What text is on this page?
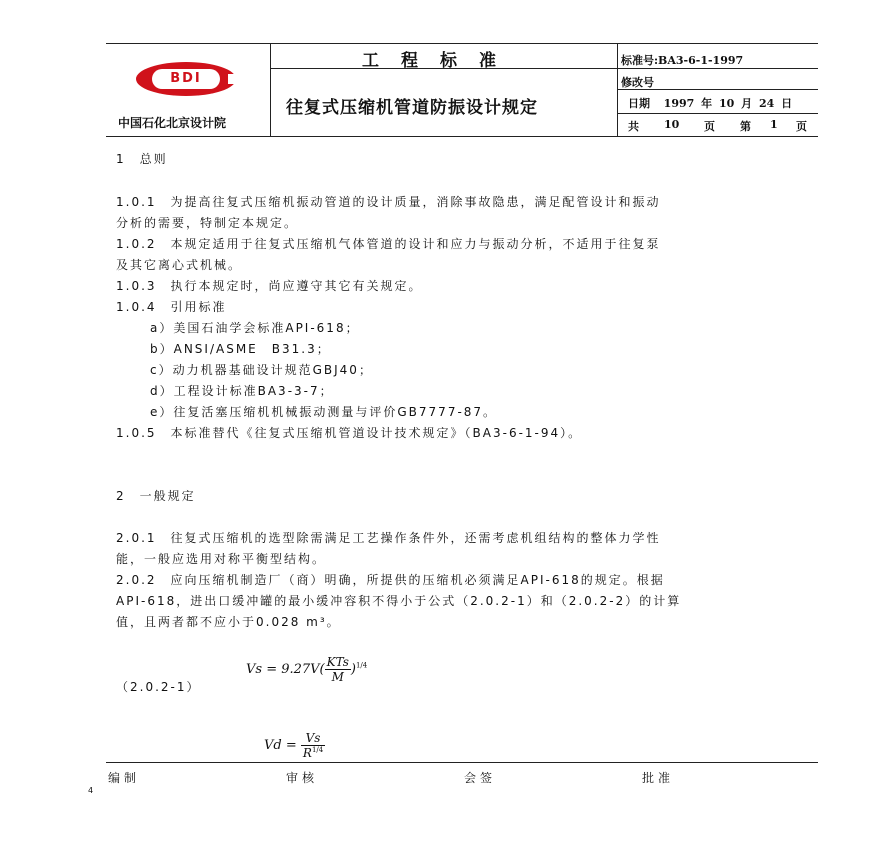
BDI
中国石化北京设计院
工程标准
往复式压缩机管道防振设计规定
标准号:BA3-6-1-1997
修改号
日期 1997 年 10 月 24 日
共 10 页 第 1 页
1　总则
1.0.1　为提高往复式压缩机振动管道的设计质量，消除事故隐患，满足配管设计和振动
分析的需要，特制定本规定。
1.0.2　本规定适用于往复式压缩机气体管道的设计和应力与振动分析，不适用于往复泵
及其它离心式机械。
1.0.3　执行本规定时，尚应遵守其它有关规定。
1.0.4　引用标准
a）美国石油学会标准API-618；
b）ANSI/ASME　B31.3；
c）动力机器基础设计规范GBJ40；
d）工程设计标准BA3-3-7；
e）往复活塞压缩机机械振动测量与评价GB7777-87。
1.0.5　本标准替代《往复式压缩机管道设计技术规定》（BA3-6-1-94）。
2　一般规定
2.0.1　往复式压缩机的选型除需满足工艺操作条件外，还需考虑机组结构的整体力学性
能，一般应选用对称平衡型结构。
2.0.2　应向压缩机制造厂（商）明确，所提供的压缩机必须满足API-618的规定。根据
API-618，进出口缓冲罐的最小缓冲容积不得小于公式（2.0.2-1）和（2.0.2-2）的计算
值，且两者都不应小于0.028 m³。
（2.0.2-1）
$Vs = 9.27V( \frac{\text{KTs}}{M} )^{1/4}$
$Vd = \frac{Vs}{R^{1/4}}$
编制	审核	会签	批准
4
